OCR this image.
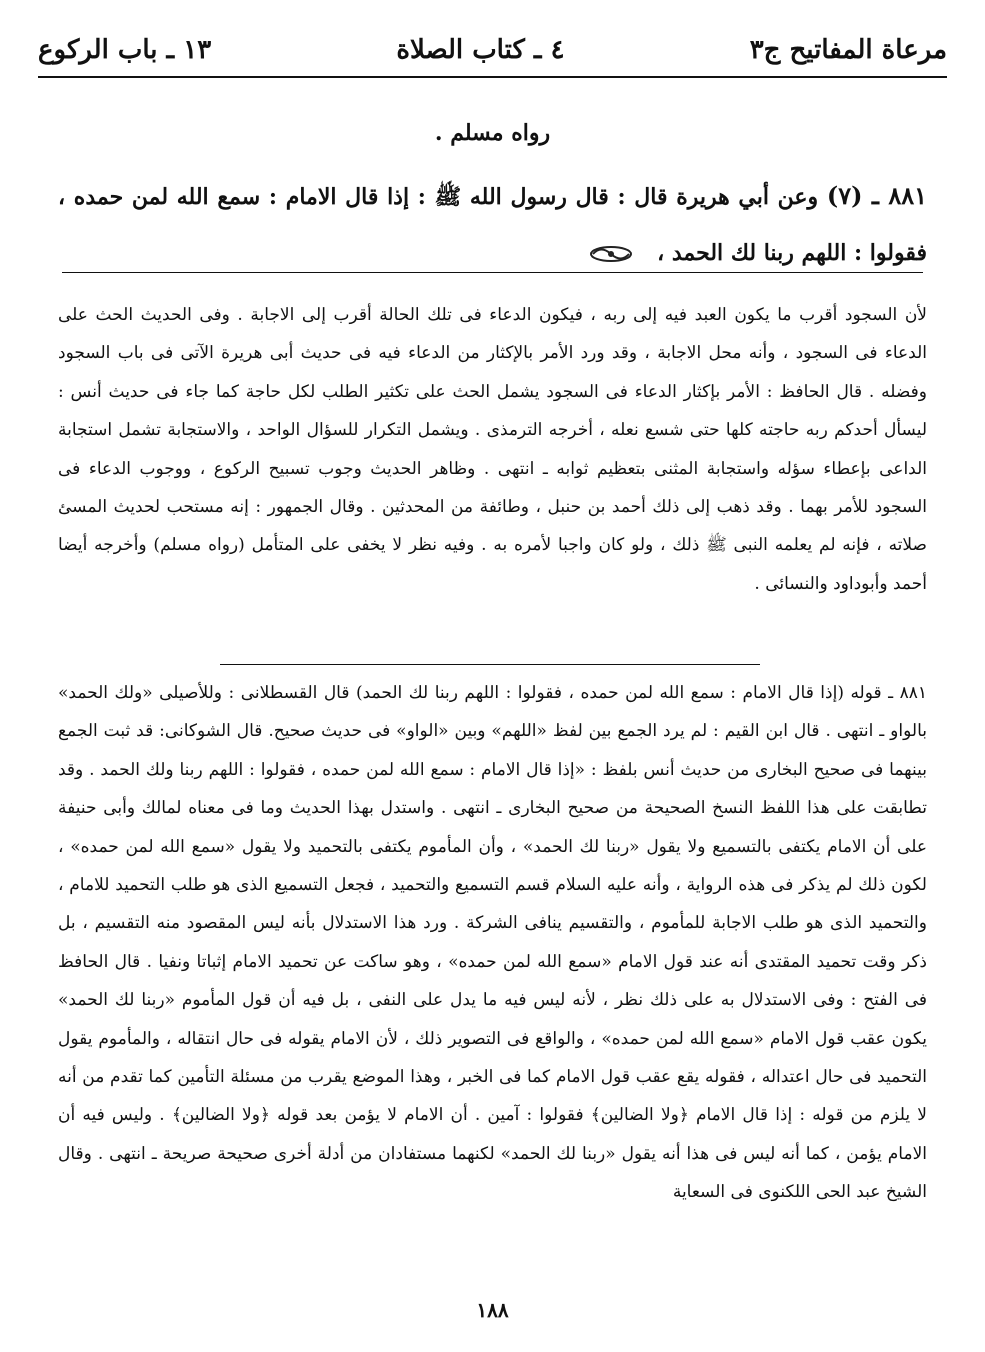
مرعاة المفاتيح ج٣
٤ ـ كتاب الصلاة
١٣ ـ باب الركوع
رواه مسلم .
٨٨١ ـ (٧) وعن أبي هريرة قال : قال رسول الله ﷺ : إذا قال الامام : سمع الله لمن حمده ، فقولوا : اللهم ربنا لك الحمد ،
لأن السجود أقرب ما يكون العبد فيه إلى ربه ، فيكون الدعاء فى تلك الحالة أقرب إلى الاجابة . وفى الحديث الحث على الدعاء فى السجود ، وأنه محل الاجابة ، وقد ورد الأمر بالإكثار من الدعاء فيه فى حديث أبى هريرة الآتى فى باب السجود وفضله . قال الحافظ : الأمر بإكثار الدعاء فى السجود يشمل الحث على تكثير الطلب لكل حاجة كما جاء فى حديث أنس : ليسأل أحدكم ربه حاجته كلها حتى شسع نعله ، أخرجه الترمذى . ويشمل التكرار للسؤال الواحد ، والاستجابة تشمل استجابة الداعى بإعطاء سؤله واستجابة المثنى بتعظيم ثوابه ـ انتهى . وظاهر الحديث وجوب تسبيح الركوع ، ووجوب الدعاء فى السجود للأمر بهما . وقد ذهب إلى ذلك أحمد بن حنبل ، وطائفة من المحدثين . وقال الجمهور : إنه مستحب لحديث المسئ صلاته ، فإنه لم يعلمه النبى ﷺ ذلك ، ولو كان واجبا لأمره به . وفيه نظر لا يخفى على المتأمل (رواه مسلم) وأخرجه أيضا أحمد وأبوداود والنسائى .
٨٨١ ـ قوله (إذا قال الامام : سمع الله لمن حمده ، فقولوا : اللهم ربنا لك الحمد) قال القسطلانى : وللأصيلى «ولك الحمد» بالواو ـ انتهى . قال ابن القيم : لم يرد الجمع بين لفظ «اللهم» وبين «الواو» فى حديث صحيح. قال الشوكانى: قد ثبت الجمع بينهما فى صحيح البخارى من حديث أنس بلفظ : «إذا قال الامام : سمع الله لمن حمده ، فقولوا : اللهم ربنا ولك الحمد . وقد تطابقت على هذا اللفظ النسخ الصحيحة من صحيح البخارى ـ انتهى . واستدل بهذا الحديث وما فى معناه لمالك وأبى حنيفة على أن الامام يكتفى بالتسميع ولا يقول «ربنا لك الحمد» ، وأن المأموم يكتفى بالتحميد ولا يقول «سمع الله لمن حمده» ، لكون ذلك لم يذكر فى هذه الرواية ، وأنه عليه السلام قسم التسميع والتحميد ، فجعل التسميع الذى هو طلب التحميد للامام ، والتحميد الذى هو طلب الاجابة للمأموم ، والتقسيم ينافى الشركة . ورد هذا الاستدلال بأنه ليس المقصود منه التقسيم ، بل ذكر وقت تحميد المقتدى أنه عند قول الامام «سمع الله لمن حمده» ، وهو ساكت عن تحميد الامام إثباتا ونفيا . قال الحافظ فى الفتح : وفى الاستدلال به على ذلك نظر ، لأنه ليس فيه ما يدل على النفى ، بل فيه أن قول المأموم «ربنا لك الحمد» يكون عقب قول الامام «سمع الله لمن حمده» ، والواقع فى التصوير ذلك ، لأن الامام يقوله فى حال انتقاله ، والمأموم يقول التحميد فى حال اعتداله ، فقوله يقع عقب قول الامام كما فى الخبر ، وهذا الموضع يقرب من مسئلة التأمين كما تقدم من أنه لا يلزم من قوله : إذا قال الامام ﴿ولا الضالين﴾ فقولوا : آمين . أن الامام لا يؤمن بعد قوله ﴿ولا الضالين﴾ . وليس فيه أن الامام يؤمن ، كما أنه ليس فى هذا أنه يقول «ربنا لك الحمد» لكنهما مستفادان من أدلة أخرى صحيحة صريحة ـ انتهى . وقال الشيخ عبد الحى اللكنوى فى السعاية
١٨٨
